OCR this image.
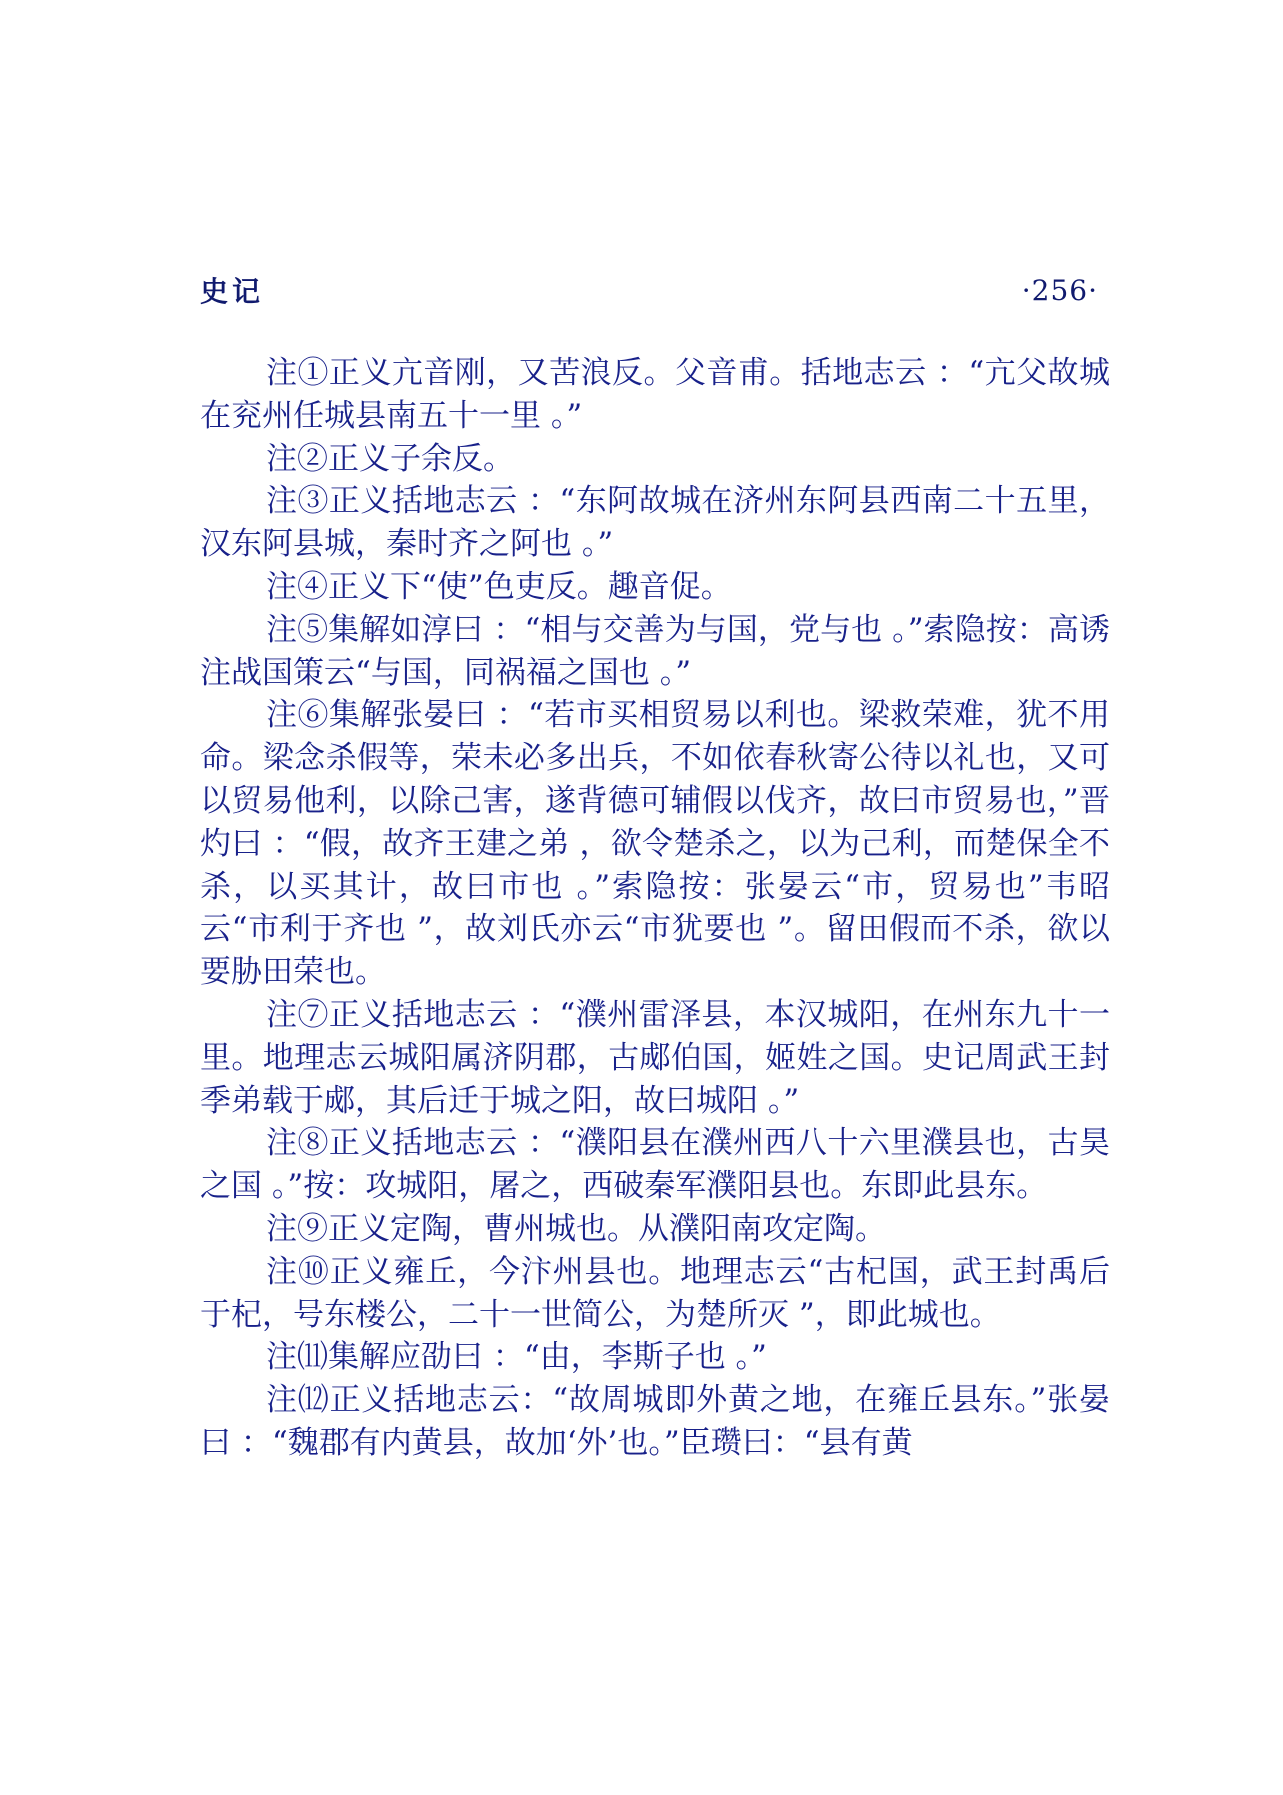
史记	·256·

注①正义亢音刚，又苦浪反。父音甫。括地志云 ：“亢父故城在兖州任城县南五十一里 。”

注②正义子余反。

注③正义括地志云 ：“东阿故城在济州东阿县西南二十五里，汉东阿县城，秦时齐之阿也 。”

注④正义下“使”色吏反。趣音促。

注⑤集解如淳曰 ：“相与交善为与国，党与也 。”索隐按：高诱注战国策云“与国，同祸福之国也 。”

注⑥集解张晏曰 ：“若市买相贸易以利也。梁救荣难，犹不用命。梁念杀假等，荣未必多出兵，不如依春秋寄公待以礼也，又可以贸易他利，以除己害，遂背德可辅假以伐齐，故曰市贸易也，”晋灼曰 ：“假，故齐王建之弟 ，欲令楚杀之，以为己利，而楚保全不杀，以买其计，故曰市也 。”索隐按：张晏云“市，贸易也”韦昭云“市利于齐也 ”，故刘氏亦云“市犹要也 ”。留田假而不杀，欲以要胁田荣也。

注⑦正义括地志云 ：“濮州雷泽县，本汉城阳，在州东九十一里。地理志云城阳属济阴郡，古郕伯国，姬姓之国。史记周武王封季弟载于郕，其后迁于城之阳，故曰城阳 。”

注⑧正义括地志云 ：“濮阳县在濮州西八十六里濮县也，古昊之国 。”按：攻城阳，屠之，西破秦军濮阳县也。东即此县东。

注⑨正义定陶，曹州城也。从濮阳南攻定陶。

注⑩正义雍丘，今汴州县也。地理志云“古杞国，武王封禹后于杞，号东楼公，二十一世简公，为楚所灭 ”，即此城也。

注⑾集解应劭曰 ：“由，李斯子也 。”

注⑿正义括地志云：“故周城即外黄之地，在雍丘县东。”张晏曰 ：“魏郡有内黄县，故加‘外’也。”臣瓒曰：“县有黄
